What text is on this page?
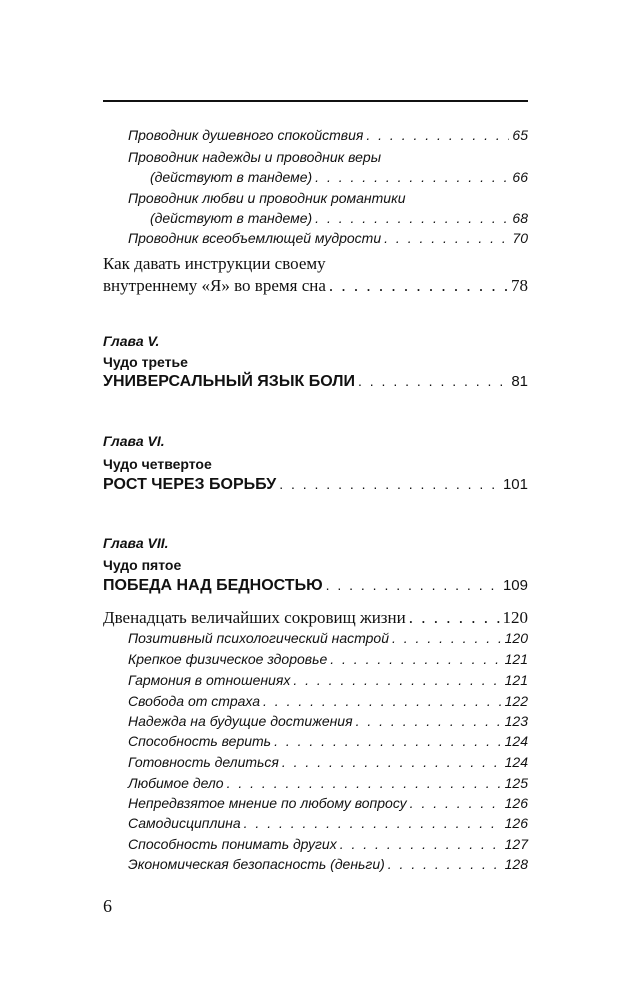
Проводник душевного спокойствия . . .	65
Проводник надежды и проводник веры
(действуют в тандеме) . . .	66
Проводник любви и проводник романтики
(действуют в тандеме) . . .	68
Проводник всеобъемлющей мудрости . . .	70
Как давать инструкции своему
внутреннему «Я» во время сна . . .	78
Глава V.
Чудо третье
УНИВЕРСАЛЬНЫЙ ЯЗЫК БОЛИ . . .	81
Глава VI.
Чудо четвертое
РОСТ ЧЕРЕЗ БОРЬБУ . . .	101
Глава VII.
Чудо пятое
ПОБЕДА НАД БЕДНОСТЬЮ . . .	109
Двенадцать величайших сокровищ жизни . . .	120
Позитивный психологический настрой . . .	120
Крепкое физическое здоровье . . .	121
Гармония в отношениях . . .	121
Свобода от страха . . .	122
Надежда на будущие достижения . . .	123
Способность верить . . .	124
Готовность делиться . . .	124
Любимое дело . . .	125
Непредвзятое мнение по любому вопросу . . .	126
Самодисциплина . . .	126
Способность понимать других . . .	127
Экономическая безопасность (деньги) . . .	128
6
